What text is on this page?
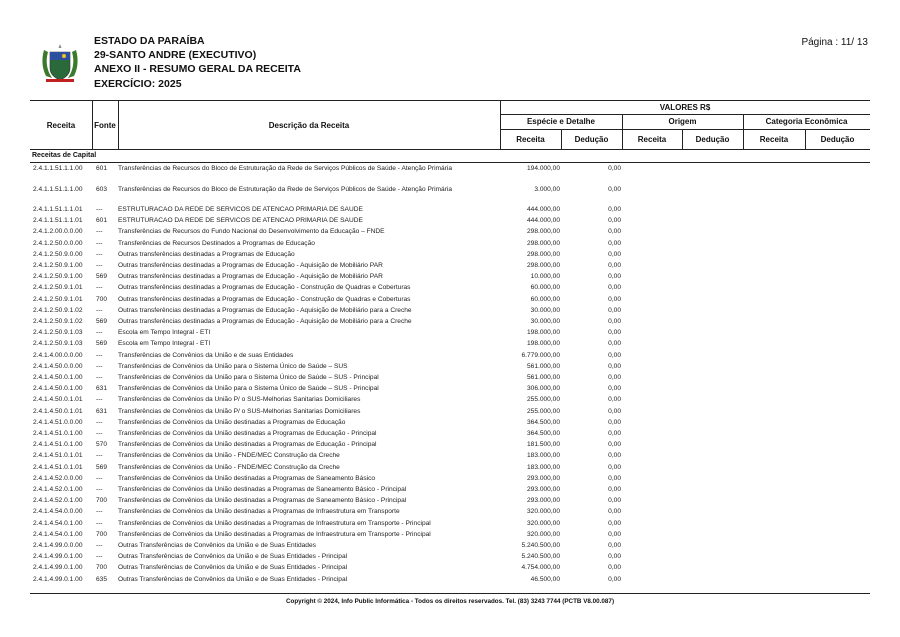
ESTADO DA PARAÍBA
29-SANTO ANDRE (EXECUTIVO)
ANEXO II - RESUMO GERAL DA RECEITA
EXERCÍCIO: 2025
Página : 11/ 13
Receita	Fonte	Descrição da Receita
VALORES R$
Espécie e Detalhe	Origem	Categoria Econômica
Receita	Dedução	Receita	Dedução	Receita	Dedução
Receitas de Capital
2.4.1.1.51.1.1.00 601 Transferências de Recursos do Bloco de Estruturação da Rede de Serviços Públicos de Saúde - Atenção Primária	194.000,00	0,00
2.4.1.1.51.1.1.00 603 Transferências de Recursos do Bloco de Estruturação da Rede de Serviços Públicos de Saúde - Atenção Primária	3.000,00	0,00
2.4.1.1.51.1.1.01 --- ESTRUTURACAO DA REDE DE SERVICOS DE ATENCAO PRIMARIA DE SAUDE	444.000,00	0,00
2.4.1.1.51.1.1.01 601 ESTRUTURACAO DA REDE DE SERVICOS DE ATENCAO PRIMARIA DE SAUDE	444.000,00	0,00
2.4.1.2.00.0.0.00 --- Transferências de Recursos do Fundo Nacional do Desenvolvimento da Educação – FNDE	298.000,00	0,00
2.4.1.2.50.0.0.00 --- Transferências de Recursos Destinados a Programas de Educação	298.000,00	0,00
2.4.1.2.50.9.0.00 --- Outras transferências destinadas a Programas de Educação	298.000,00	0,00
2.4.1.2.50.9.1.00 --- Outras transferências destinadas a Programas de Educação - Aquisição de Mobiliário PAR	298.000,00	0,00
2.4.1.2.50.9.1.00 569 Outras transferências destinadas a Programas de Educação - Aquisição de Mobiliário PAR	10.000,00	0,00
2.4.1.2.50.9.1.01 --- Outras transferências destinadas a Programas de Educação - Construção de Quadras e Coberturas	60.000,00	0,00
2.4.1.2.50.9.1.01 700 Outras transferências destinadas a Programas de Educação - Construção de Quadras e Coberturas	60.000,00	0,00
2.4.1.2.50.9.1.02 --- Outras transferências destinadas a Programas de Educação - Aquisição de Mobiliário para a Creche	30.000,00	0,00
2.4.1.2.50.9.1.02 569 Outras transferências destinadas a Programas de Educação - Aquisição de Mobiliário para a Creche	30.000,00	0,00
2.4.1.2.50.9.1.03 --- Escola em Tempo Integral - ETI	198.000,00	0,00
2.4.1.2.50.9.1.03 569 Escola em Tempo Integral - ETI	198.000,00	0,00
2.4.1.4.00.0.0.00 --- Transferências de Convênios da União e de suas Entidades	6.779.000,00	0,00
2.4.1.4.50.0.0.00 --- Transferências de Convênios da União para o Sistema Único de Saúde – SUS	561.000,00	0,00
2.4.1.4.50.0.1.00 --- Transferências de Convênios da União para o Sistema Único de Saúde – SUS - Principal	561.000,00	0,00
2.4.1.4.50.0.1.00 631 Transferências de Convênios da União para o Sistema Único de Saúde – SUS - Principal	306.000,00	0,00
2.4.1.4.50.0.1.01 --- Transferências de Convênios da União P/ o SUS-Melhorias Sanitarias Domiciliares	255.000,00	0,00
2.4.1.4.50.0.1.01 631 Transferências de Convênios da União P/ o SUS-Melhorias Sanitarias Domiciliares	255.000,00	0,00
2.4.1.4.51.0.0.00 --- Transferências de Convênios da União destinadas a Programas de Educação	364.500,00	0,00
2.4.1.4.51.0.1.00 --- Transferências de Convênios da União destinadas a Programas de Educação - Principal	364.500,00	0,00
2.4.1.4.51.0.1.00 570 Transferências de Convênios da União destinadas a Programas de Educação - Principal	181.500,00	0,00
2.4.1.4.51.0.1.01 --- Transferências de Convênios da União - FNDE/MEC Construção da Creche	183.000,00	0,00
2.4.1.4.51.0.1.01 569 Transferências de Convênios da União - FNDE/MEC Construção da Creche	183.000,00	0,00
2.4.1.4.52.0.0.00 --- Transferências de Convênios da União destinadas a Programas de Saneamento Básico	293.000,00	0,00
2.4.1.4.52.0.1.00 --- Transferências de Convênios da União destinadas a Programas de Saneamento Básico - Principal	293.000,00	0,00
2.4.1.4.52.0.1.00 700 Transferências de Convênios da União destinadas a Programas de Saneamento Básico - Principal	293.000,00	0,00
2.4.1.4.54.0.0.00 --- Transferências de Convênios da União destinadas a Programas de Infraestrutura em Transporte	320.000,00	0,00
2.4.1.4.54.0.1.00 --- Transferências de Convênios da União destinadas a Programas de Infraestrutura em Transporte - Principal	320.000,00	0,00
2.4.1.4.54.0.1.00 700 Transferências de Convênios da União destinadas a Programas de Infraestrutura em Transporte - Principal	320.000,00	0,00
2.4.1.4.99.0.0.00 --- Outras Transferências de Convênios da União e de Suas Entidades	5.240.500,00	0,00
2.4.1.4.99.0.1.00 --- Outras Transferências de Convênios da União e de Suas Entidades - Principal	5.240.500,00	0,00
2.4.1.4.99.0.1.00 700 Outras Transferências de Convênios da União e de Suas Entidades - Principal	4.754.000,00	0,00
2.4.1.4.99.0.1.00 635 Outras Transferências de Convênios da União e de Suas Entidades - Principal	46.500,00	0,00
Copyright © 2024, Info Public Informática - Todos os direitos reservados. Tel. (83) 3243 7744 (PCTB V8.00.087)
